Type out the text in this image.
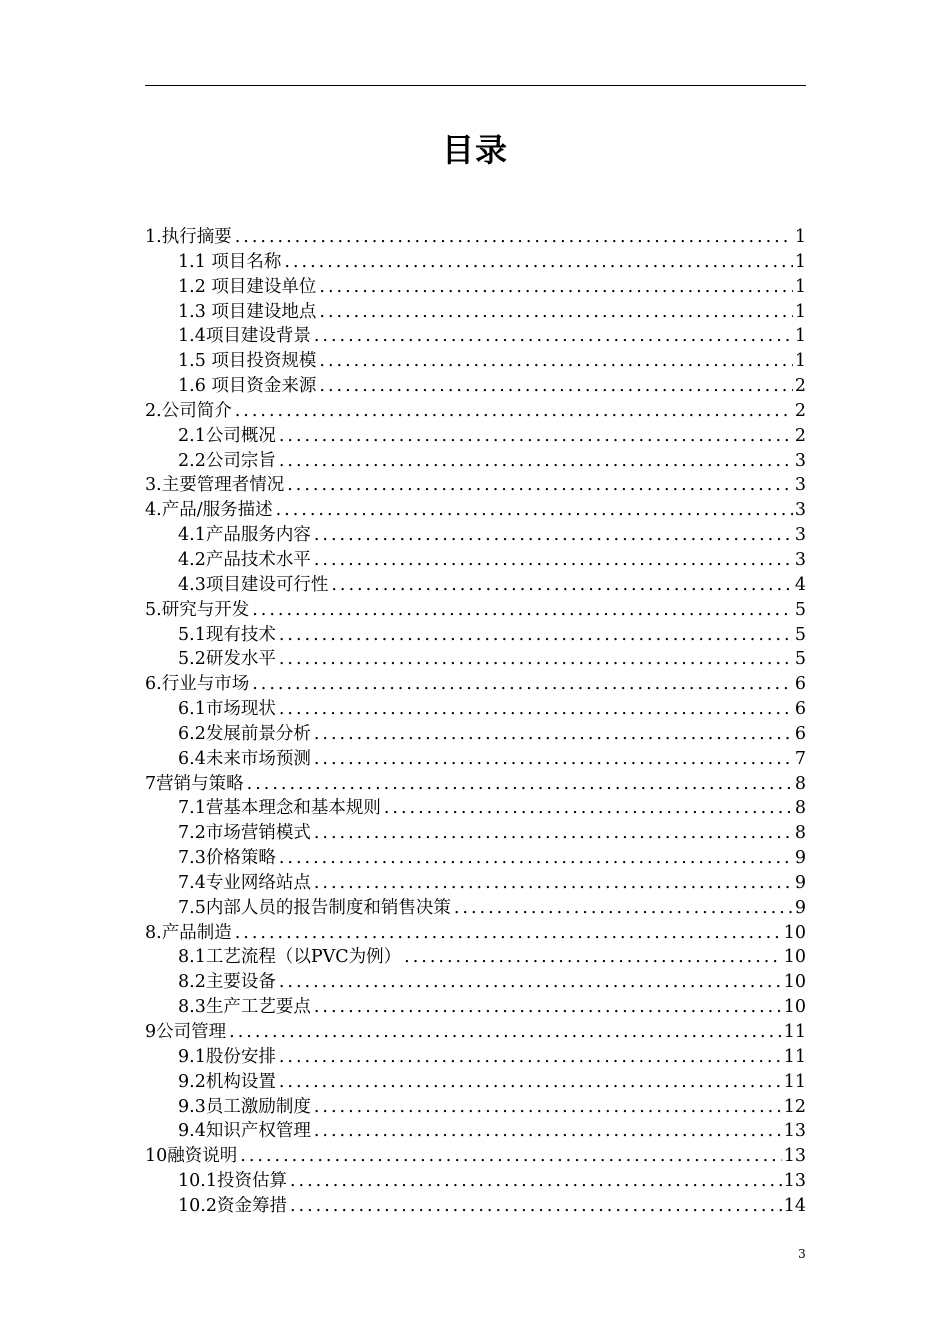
目录
1.执行摘要 .....	1
1.1 项目名称 .....	1
1.2 项目建设单位 .....	1
1.3 项目建设地点 .....	1
1.4项目建设背景 .....	1
1.5 项目投资规模 .....	1
1.6 项目资金来源 .....	2
2.公司简介 .....	2
2.1公司概况 .....	2
2.2公司宗旨 .....	3
3.主要管理者情况 .....	3
4.产品/服务描述 .....	3
4.1产品服务内容 .....	3
4.2产品技术水平 .....	3
4.3项目建设可行性 .....	4
5.研究与开发 .....	5
5.1现有技术 .....	5
5.2研发水平 .....	5
6.行业与市场 .....	6
6.1市场现状 .....	6
6.2发展前景分析 .....	6
6.4未来市场预测 .....	7
7营销与策略 .....	8
7.1营基本理念和基本规则 .....	8
7.2市场营销模式 .....	8
7.3价格策略 .....	9
7.4专业网络站点 .....	9
7.5内部人员的报告制度和销售决策 .....	9
8.产品制造 .....	10
8.1工艺流程（以PVC为例） .....	10
8.2主要设备 .....	10
8.3生产工艺要点 .....	10
9公司管理 .....	11
9.1股份安排 .....	11
9.2机构设置 .....	11
9.3员工激励制度 .....	12
9.4知识产权管理 .....	13
10融资说明 .....	13
10.1投资估算 .....	13
10.2资金筹措 .....	14
3
